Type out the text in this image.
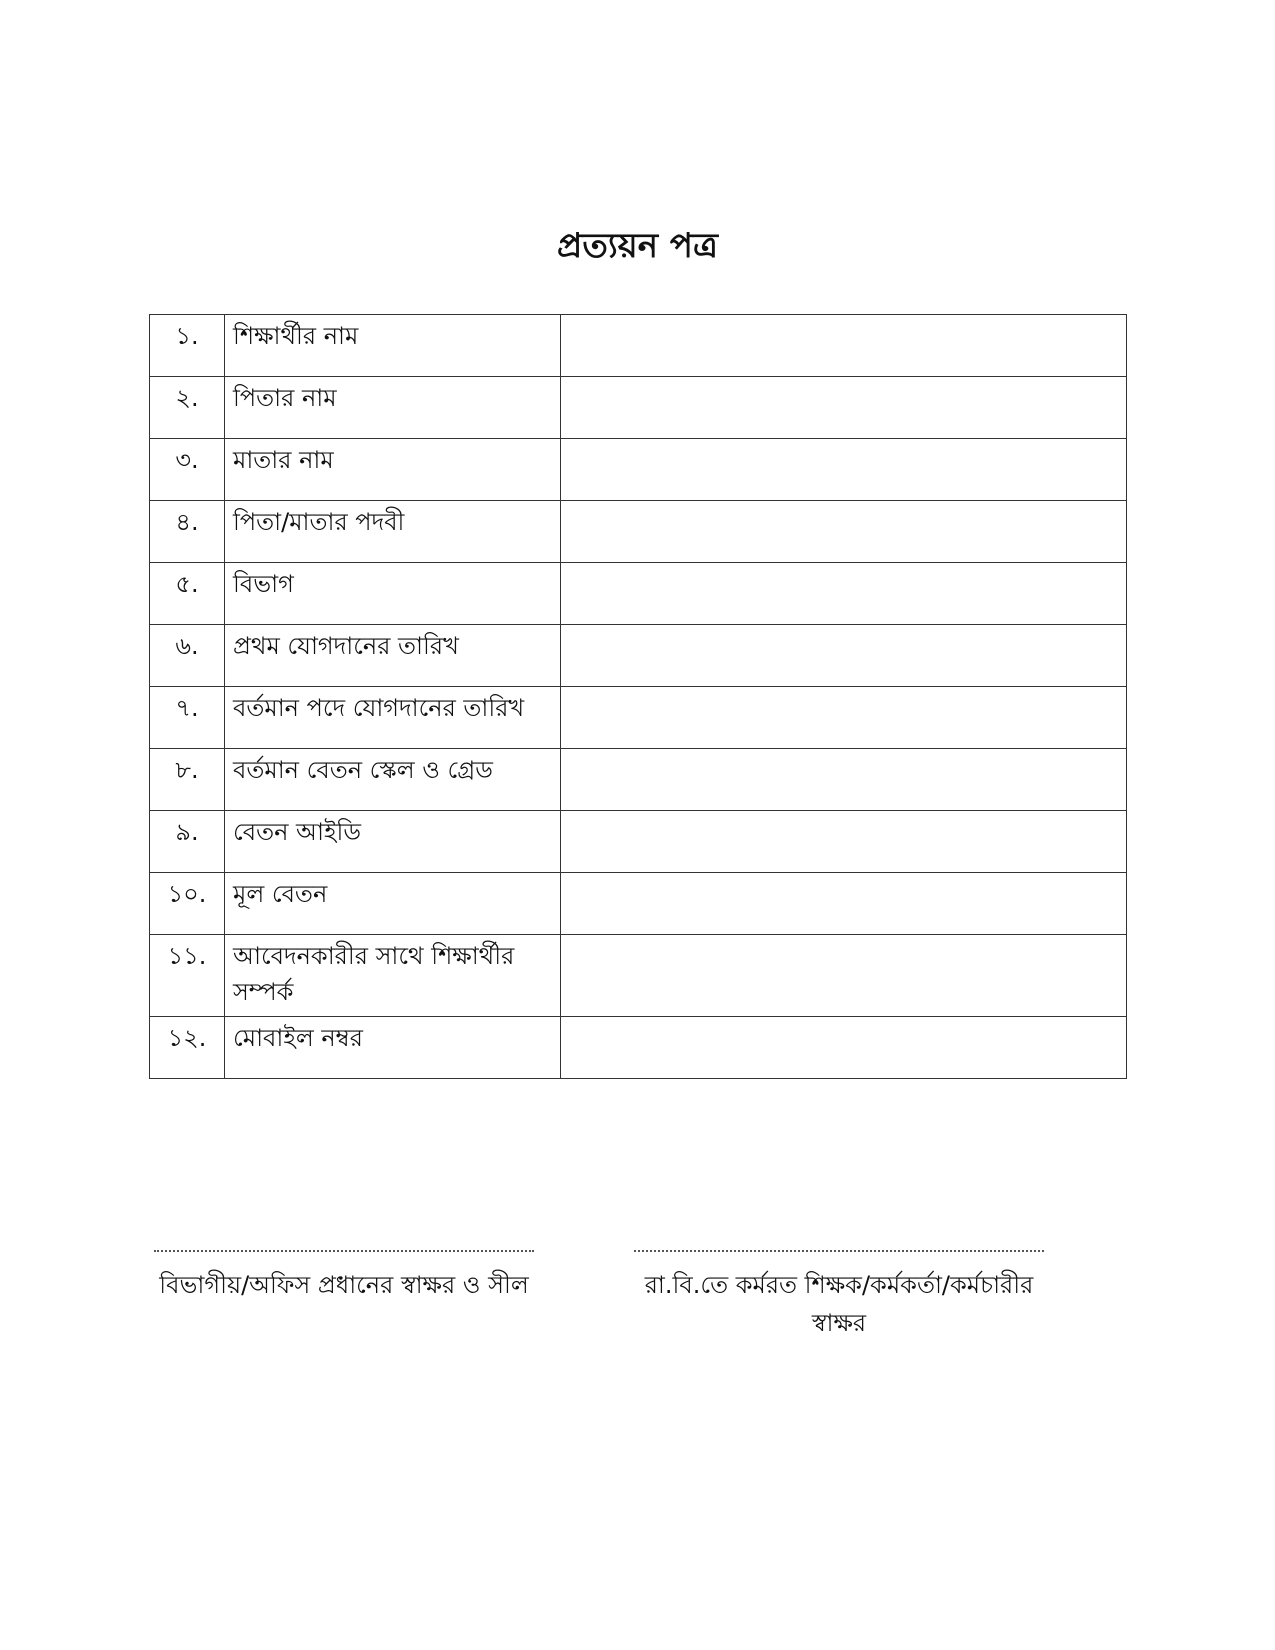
প্রত্যয়ন পত্র
১.	শিক্ষার্থীর নাম	
২.	পিতার নাম	
৩.	মাতার নাম	
৪.	পিতা/মাতার পদবী	
৫.	বিভাগ	
৬.	প্রথম যোগদানের তারিখ	
৭.	বর্তমান পদে যোগদানের তারিখ	
৮.	বর্তমান বেতন স্কেল ও গ্রেড	
৯.	বেতন আইডি	
১০.	মূল বেতন	
১১.	আবেদনকারীর সাথে শিক্ষার্থীর সম্পর্ক	
১২.	মোবাইল নম্বর	
বিভাগীয়/অফিস প্রধানের স্বাক্ষর ও সীল	রা.বি.তে কর্মরত শিক্ষক/কর্মকর্তা/কর্মচারীর স্বাক্ষর
